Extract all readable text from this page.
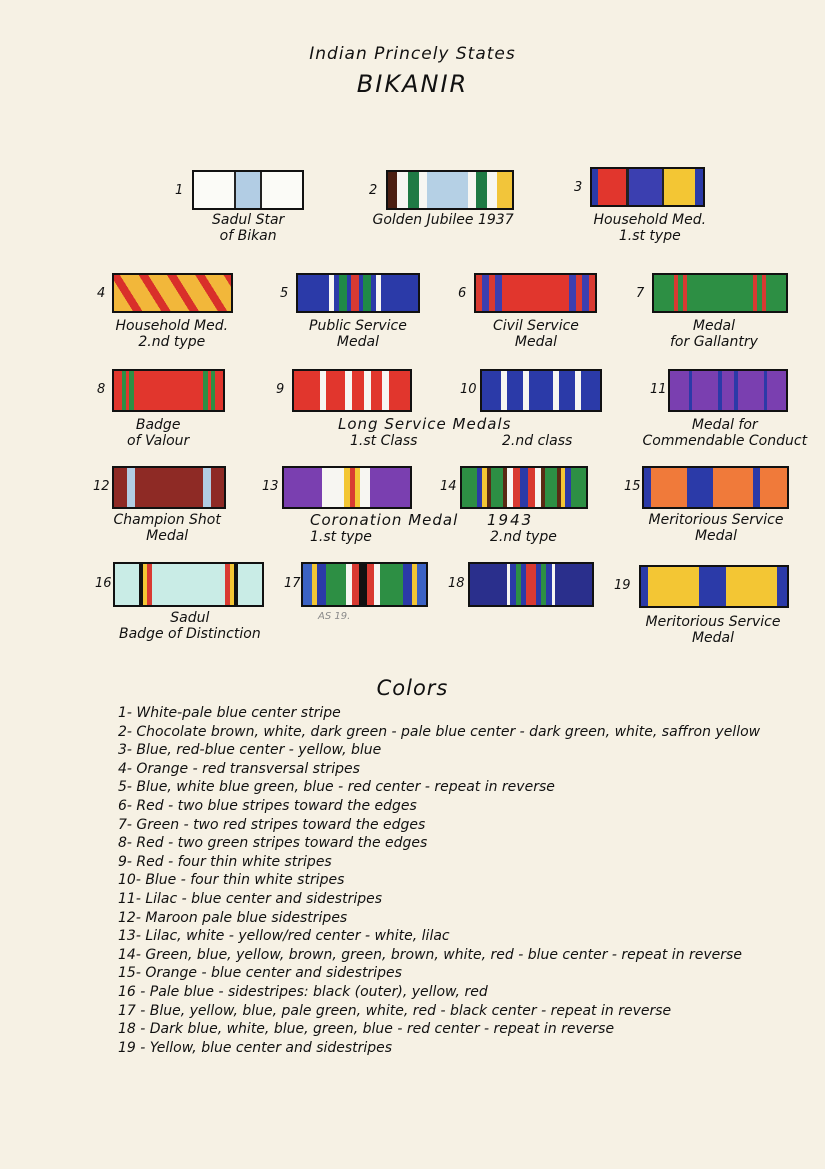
Indian Princely States
BIKANIR
1
Sadul Star
of Bikan
2
Golden Jubilee 1937
3
Household Med.
1.st type
4
Household Med.
2.nd type
5
Public Service
Medal
6
Civil Service
Medal
7
Medal
for Gallantry
8
Badge
of Valour
9	10	11
Medal for
Commendable Conduct
12
Champion Shot
Medal
13	14	15
Meritorious Service
Medal
16
Sadul
Badge of Distinction
17	18	19
Meritorious Service
Medal
Long Service Medals
1.st Class	2.nd class
Coronation Medal 1943
1.st type	2.nd type
AS 19.
Colors
1- White-pale blue center stripe
2- Chocolate brown, white, dark green - pale blue center - dark green, white, saffron yellow
3- Blue, red-blue center - yellow, blue
4- Orange - red transversal stripes
5- Blue, white blue green, blue - red center - repeat in reverse
6- Red - two blue stripes toward the edges
7- Green - two red stripes toward the edges
8- Red - two green stripes toward the edges
9- Red - four thin white stripes
10- Blue - four thin white stripes
11- Lilac - blue center and sidestripes
12- Maroon pale blue sidestripes
13- Lilac, white - yellow/red center - white, lilac
14- Green, blue, yellow, brown, green, brown, white, red - blue center - repeat in reverse
15- Orange - blue center and sidestripes
16 - Pale blue - sidestripes: black (outer), yellow, red
17 - Blue, yellow, blue, pale green, white, red - black center - repeat in reverse
18 - Dark blue, white, blue, green, blue - red center - repeat in reverse
19 - Yellow, blue center and sidestripes
